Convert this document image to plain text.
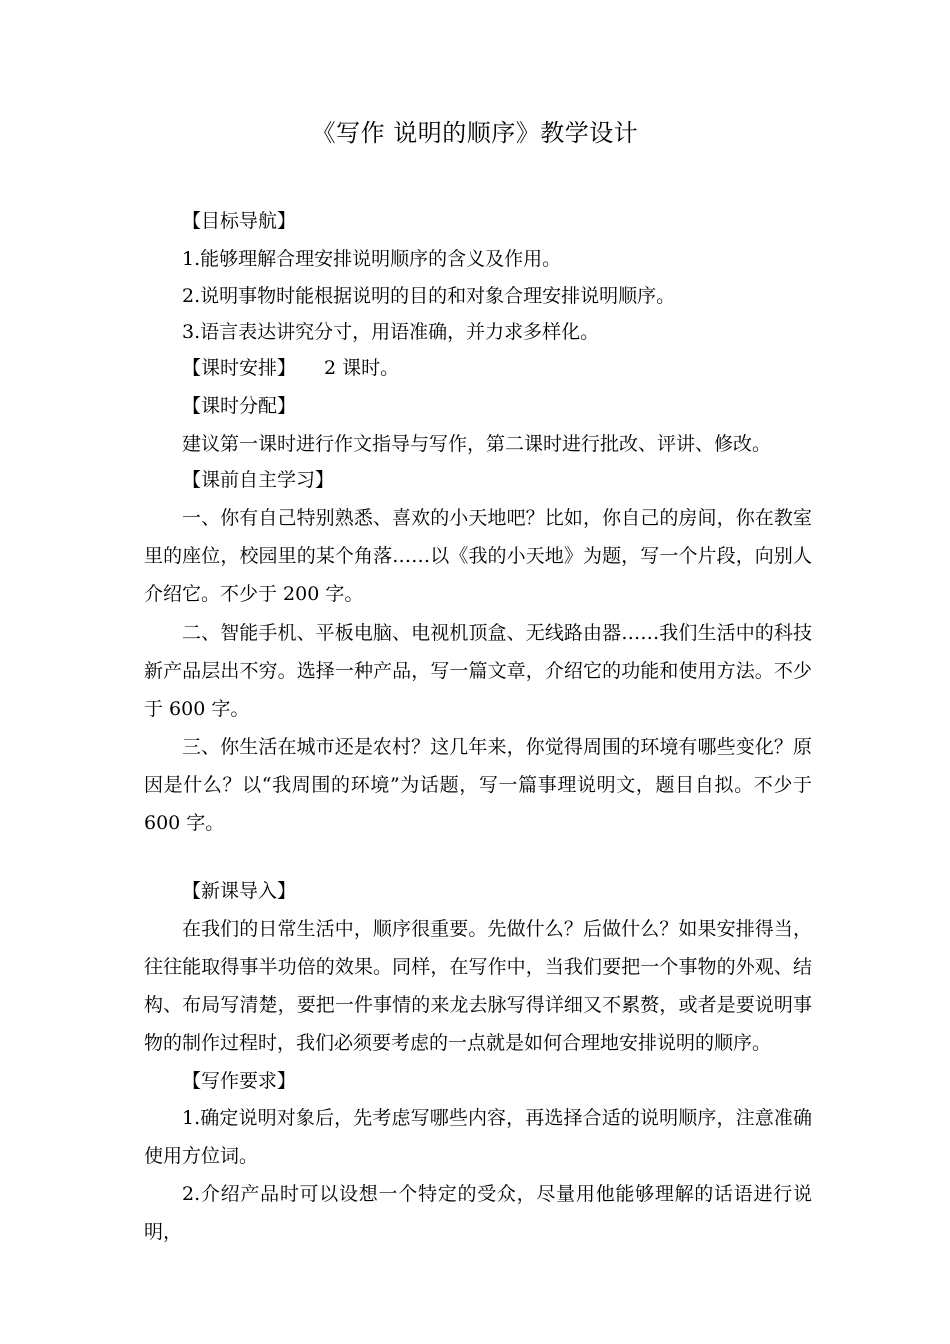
《写作 说明的顺序》教学设计

【目标导航】

1.能够理解合理安排说明顺序的含义及作用。

2.说明事物时能根据说明的目的和对象合理安排说明顺序。

3.语言表达讲究分寸，用语准确，并力求多样化。

【课时安排】 2 课时。

【课时分配】

建议第一课时进行作文指导与写作，第二课时进行批改、评讲、修改。

【课前自主学习】

一、你有自己特别熟悉、喜欢的小天地吧？比如，你自己的房间，你在教室里的座位，校园里的某个角落……以《我的小天地》为题，写一个片段，向别人介绍它。不少于 200 字。

二、智能手机、平板电脑、电视机顶盒、无线路由器……我们生活中的科技新产品层出不穷。选择一种产品，写一篇文章，介绍它的功能和使用方法。不少于 600 字。

三、你生活在城市还是农村？这几年来，你觉得周围的环境有哪些变化？原因是什么？以“我周围的环境”为话题，写一篇事理说明文，题目自拟。不少于 600 字。

【新课导入】

在我们的日常生活中，顺序很重要。先做什么？后做什么？如果安排得当，往往能取得事半功倍的效果。同样，在写作中，当我们要把一个事物的外观、结构、布局写清楚，要把一件事情的来龙去脉写得详细又不累赘，或者是要说明事物的制作过程时，我们必须要考虑的一点就是如何合理地安排说明的顺序。

【写作要求】

1.确定说明对象后，先考虑写哪些内容，再选择合适的说明顺序，注意准确使用方位词。

2.介绍产品时可以设想一个特定的受众，尽量用他能够理解的话语进行说明，
